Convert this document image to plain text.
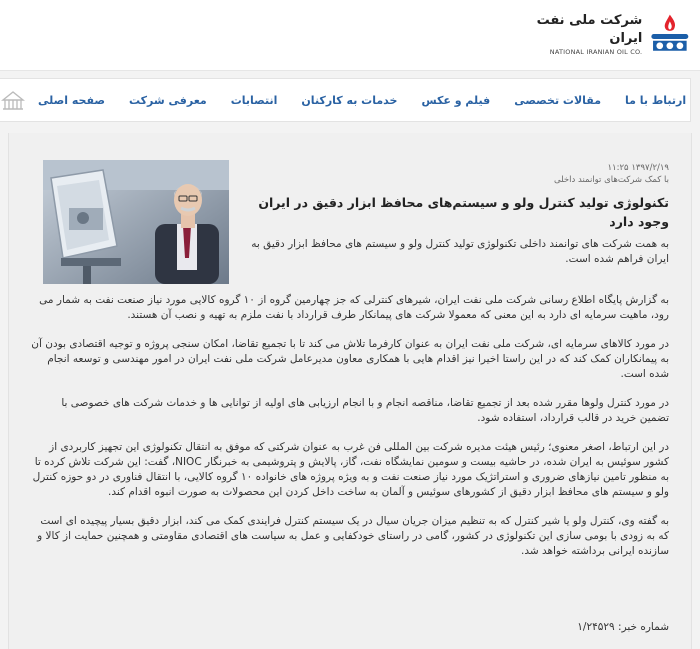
شرکت ملی نفت ایران
NATIONAL IRANIAN OIL CO.
صفحه اصلی	معرفی شرکت	انتصابات	خدمات به کارکنان	فیلم و عکس	مقالات تخصصی	ارتباط با ما
۱۳۹۷/۲/۱۹ ۱۱:۲۵
با کمک شرکت‌های توانمند داخلی
تکنولوژی تولید کنترل ولو و سیستم‌های محافظ ابزار دقیق در ایران وجود دارد

به همت شرکت های توانمند داخلی تکنولوژی تولید کنترل ولو و سیستم های محافظ ابزار دقیق به ایران فراهم شده است.

به گزارش پایگاه اطلاع رسانی شرکت ملی نفت ایران، شیرهای کنترلی که جز چهارمین گروه از ۱۰ گروه کالایی مورد نیاز صنعت نفت به شمار می رود، ماهیت سرمایه ای دارد به این معنی که معمولا شرکت های پیمانکار طرف قرارداد با نفت ملزم به تهیه و نصب آن هستند.

در مورد کالاهای سرمایه ای، شرکت ملی نفت ایران به عنوان کارفرما تلاش می کند تا با تجمیع تقاضا، امکان سنجی پروژه و توجیه اقتصادی بودن آن به پیمانکاران کمک کند که در این راستا اخیرا نیز اقدام هایی با همکاری معاون مدیرعامل شرکت ملی نفت ایران در امور مهندسی و توسعه انجام شده است.

در مورد کنترل ولوها مقرر شده بعد از تجمیع تقاضا، مناقصه انجام و با انجام ارزیابی های اولیه از توانایی ها و خدمات شرکت های خصوصی با تضمین خرید در قالب قرارداد، استفاده شود.

در این ارتباط، اصغر معنوی؛ رئیس هیئت مدیره شرکت بین المللی فن غرب به عنوان شرکتی که موفق به انتقال تکنولوژی این تجهیز کاربردی از کشور سوئیس به ایران شده، در حاشیه بیست و سومین نمایشگاه نفت، گاز، پالایش و پتروشیمی به خبرنگار NIOC، گفت: این شرکت تلاش کرده تا به منظور تامین نیازهای ضروری و استراتژیک مورد نیاز صنعت نفت و به ویژه پروژه های خانواده ۱۰ گروه کالایی، با انتقال فناوری در دو حوزه کنترل ولو و سیستم های محافظ ابزار دقیق از کشورهای سوئیس و آلمان به ساخت داخل کردن این محصولات به صورت انبوه اقدام کند.

به گفته وی، کنترل ولو یا شیر کنترل که به تنظیم میزان جریان سیال در یک سیستم کنترل فرایندی کمک می کند، ابزار دقیق بسیار پیچیده ای است که به زودی با بومی سازی این تکنولوژی در کشور، گامی در راستای خودکفایی و عمل به سیاست های اقتصادی مقاومتی و همچنین حمایت از کالا و سازنده ایرانی برداشته خواهد شد.

شماره خبر: ۱/۲۴۵۲۹
